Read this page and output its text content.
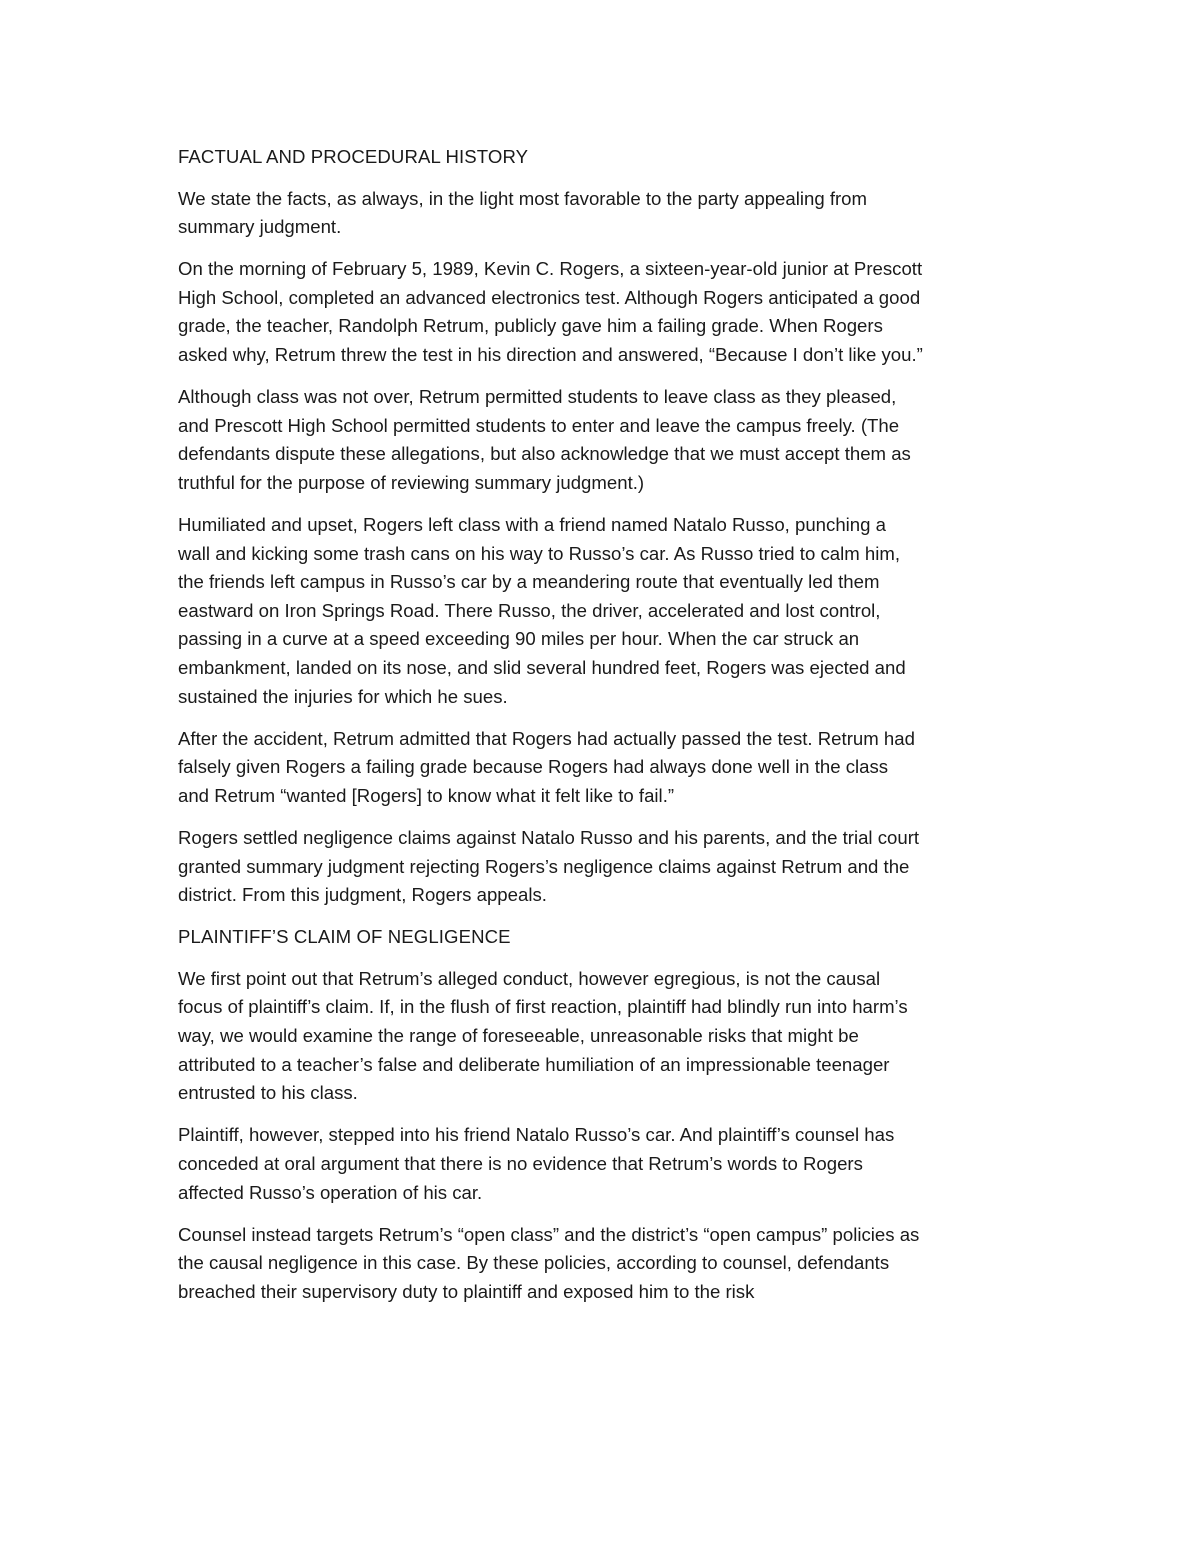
FACTUAL AND PROCEDURAL HISTORY

We state the facts, as always, in the light most favorable to the party appealing from summary judgment.

On the morning of February 5, 1989, Kevin C. Rogers, a sixteen-year-old junior at Prescott High School, completed an advanced electronics test. Although Rogers anticipated a good grade, the teacher, Randolph Retrum, publicly gave him a failing grade. When Rogers asked why, Retrum threw the test in his direction and answered, “Because I don’t like you.”

Although class was not over, Retrum permitted students to leave class as they pleased, and Prescott High School permitted students to enter and leave the campus freely. (The defendants dispute these allegations, but also acknowledge that we must accept them as truthful for the purpose of reviewing summary judgment.)

Humiliated and upset, Rogers left class with a friend named Natalo Russo, punching a wall and kicking some trash cans on his way to Russo’s car. As Russo tried to calm him, the friends left campus in Russo’s car by a meandering route that eventually led them eastward on Iron Springs Road. There Russo, the driver, accelerated and lost control, passing in a curve at a speed exceeding 90 miles per hour. When the car struck an embankment, landed on its nose, and slid several hundred feet, Rogers was ejected and sustained the injuries for which he sues.

After the accident, Retrum admitted that Rogers had actually passed the test. Retrum had falsely given Rogers a failing grade because Rogers had always done well in the class and Retrum “wanted [Rogers] to know what it felt like to fail.”

Rogers settled negligence claims against Natalo Russo and his parents, and the trial court granted summary judgment rejecting Rogers’s negligence claims against Retrum and the district. From this judgment, Rogers appeals.

PLAINTIFF’S CLAIM OF NEGLIGENCE

We first point out that Retrum’s alleged conduct, however egregious, is not the causal focus of plaintiff’s claim. If, in the flush of first reaction, plaintiff had blindly run into harm’s way, we would examine the range of foreseeable, unreasonable risks that might be attributed to a teacher’s false and deliberate humiliation of an impressionable teenager entrusted to his class.

Plaintiff, however, stepped into his friend Natalo Russo’s car. And plaintiff’s counsel has conceded at oral argument that there is no evidence that Retrum’s words to Rogers affected Russo’s operation of his car.

Counsel instead targets Retrum’s “open class” and the district’s “open campus” policies as the causal negligence in this case. By these policies, according to counsel, defendants breached their supervisory duty to plaintiff and exposed him to the risk
